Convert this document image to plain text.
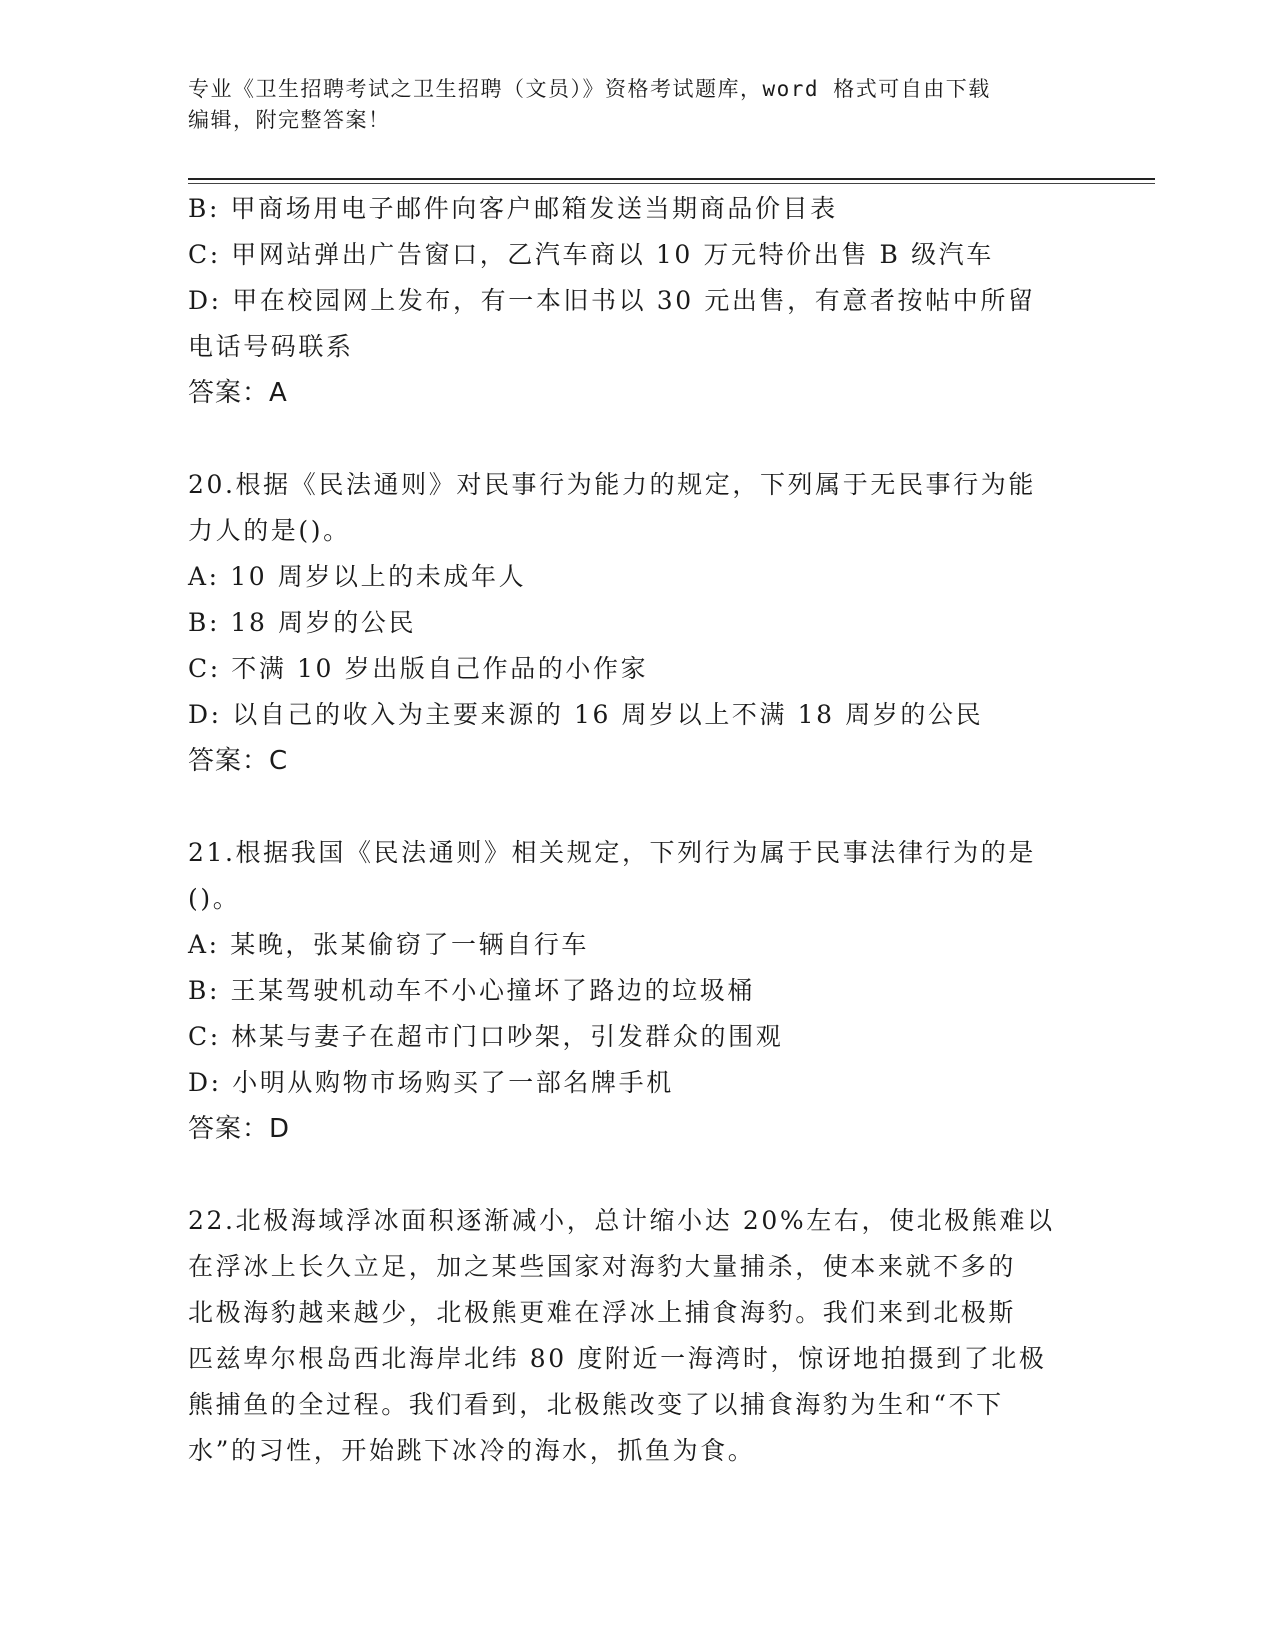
专业《卫生招聘考试之卫生招聘（文员）》资格考试题库，word 格式可自由下载
编辑，附完整答案！
B: 甲商场用电子邮件向客户邮箱发送当期商品价目表
C: 甲网站弹出广告窗口，乙汽车商以 10 万元特价出售 B 级汽车
D: 甲在校园网上发布，有一本旧书以 30 元出售，有意者按帖中所留
电话号码联系
答案：A
20.根据《民法通则》对民事行为能力的规定，下列属于无民事行为能
力人的是()。
A: 10 周岁以上的未成年人
B: 18 周岁的公民
C: 不满 10 岁出版自己作品的小作家
D: 以自己的收入为主要来源的 16 周岁以上不满 18 周岁的公民
答案：C
21.根据我国《民法通则》相关规定，下列行为属于民事法律行为的是
()。
A: 某晚，张某偷窃了一辆自行车
B: 王某驾驶机动车不小心撞坏了路边的垃圾桶
C: 林某与妻子在超市门口吵架，引发群众的围观
D: 小明从购物市场购买了一部名牌手机
答案：D
22.北极海域浮冰面积逐渐减小，总计缩小达 20%左右，使北极熊难以
在浮冰上长久立足，加之某些国家对海豹大量捕杀，使本来就不多的
北极海豹越来越少，北极熊更难在浮冰上捕食海豹。我们来到北极斯
匹兹卑尔根岛西北海岸北纬 80 度附近一海湾时，惊讶地拍摄到了北极
熊捕鱼的全过程。我们看到，北极熊改变了以捕食海豹为生和“不下
水”的习性，开始跳下冰冷的海水，抓鱼为食。
